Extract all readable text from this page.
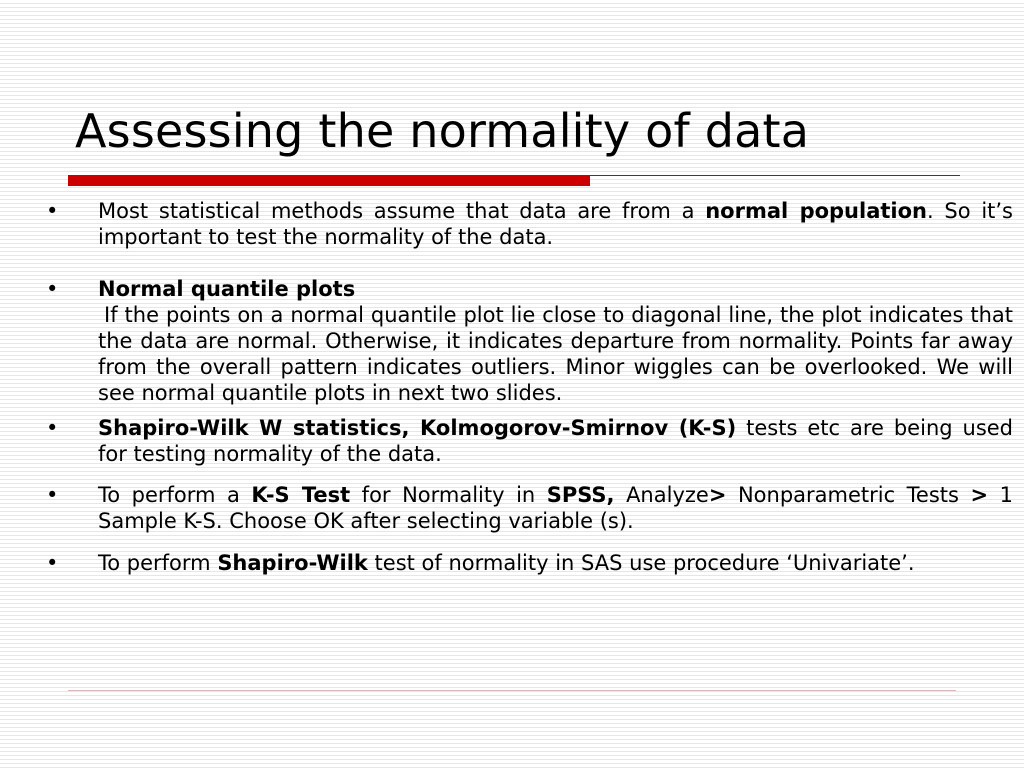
Assessing the normality of data
• Most statistical methods assume that data are from a normal population. So it’s important to test the normality of the data.
• Normal quantile plots
If the points on a normal quantile plot lie close to diagonal line, the plot indicates that the data are normal. Otherwise, it indicates departure from normality. Points far away from the overall pattern indicates outliers. Minor wiggles can be overlooked. We will see normal quantile plots in next two slides.
• Shapiro-Wilk W statistics, Kolmogorov-Smirnov (K-S) tests etc are being used for testing normality of the data.
• To perform a K-S Test for Normality in SPSS, Analyze> Nonparametric Tests > 1 Sample K-S. Choose OK after selecting variable (s).
• To perform Shapiro-Wilk test of normality in SAS use procedure ‘Univariate’.
